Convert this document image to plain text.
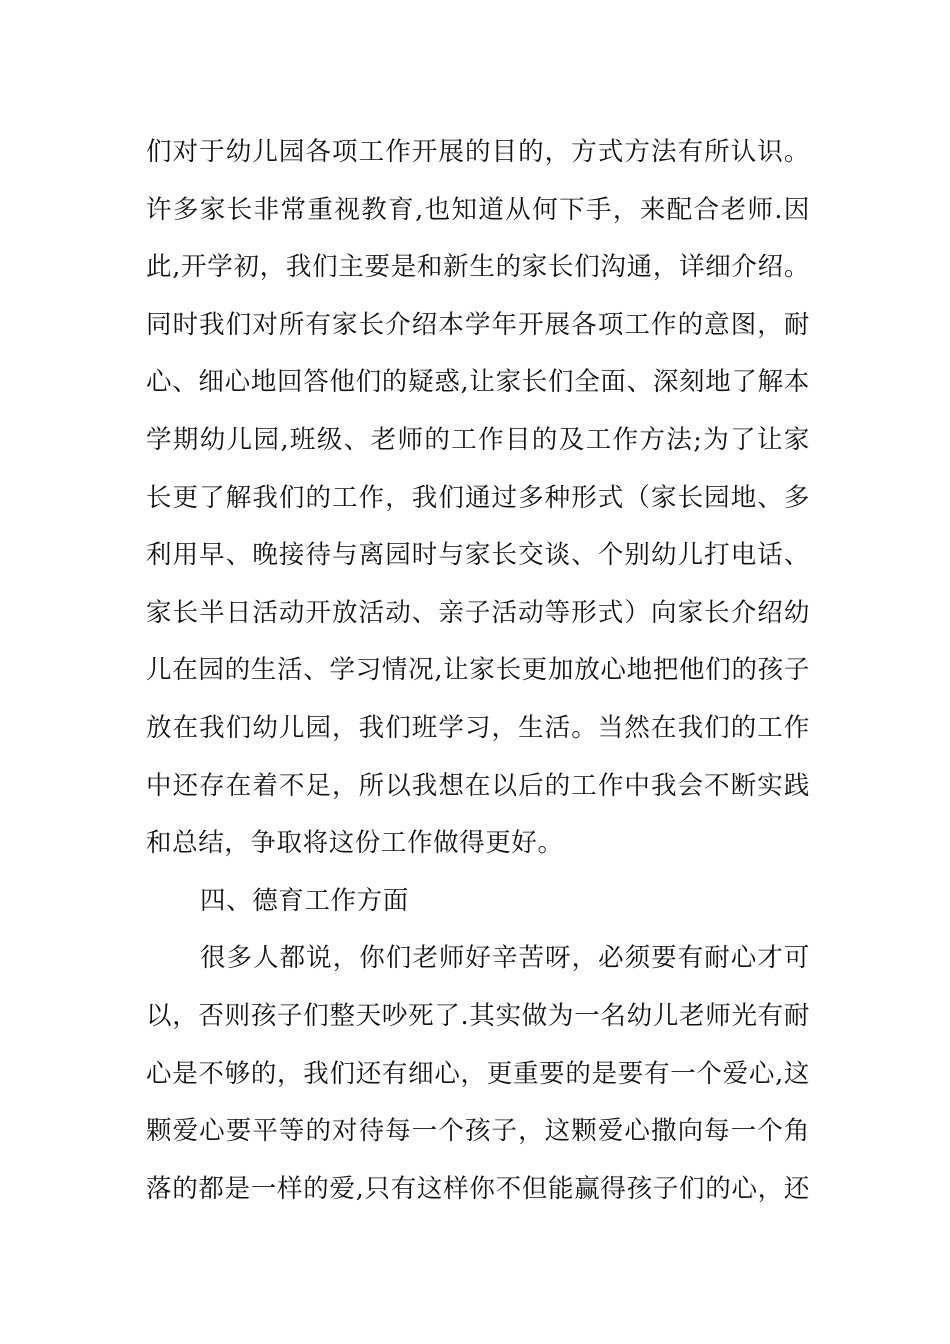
们对于幼儿园各项工作开展的目的，方式方法有所认识。
许多家长非常重视教育,也知道从何下手，来配合老师.因
此,开学初，我们主要是和新生的家长们沟通，详细介绍。
同时我们对所有家长介绍本学年开展各项工作的意图，耐
心、细心地回答他们的疑惑,让家长们全面、深刻地了解本
学期幼儿园,班级、老师的工作目的及工作方法;为了让家
长更了解我们的工作，我们通过多种形式（家长园地、多
利用早、晚接待与离园时与家长交谈、个别幼儿打电话、
家长半日活动开放活动、亲子活动等形式）向家长介绍幼
儿在园的生活、学习情况,让家长更加放心地把他们的孩子
放在我们幼儿园，我们班学习，生活。当然在我们的工作
中还存在着不足，所以我想在以后的工作中我会不断实践
和总结，争取将这份工作做得更好。
四、德育工作方面
很多人都说，你们老师好辛苦呀，必须要有耐心才可
以，否则孩子们整天吵死了.其实做为一名幼儿老师光有耐
心是不够的，我们还有细心，更重要的是要有一个爱心,这
颗爱心要平等的对待每一个孩子，这颗爱心撒向每一个角
落的都是一样的爱,只有这样你不但能赢得孩子们的心，还
